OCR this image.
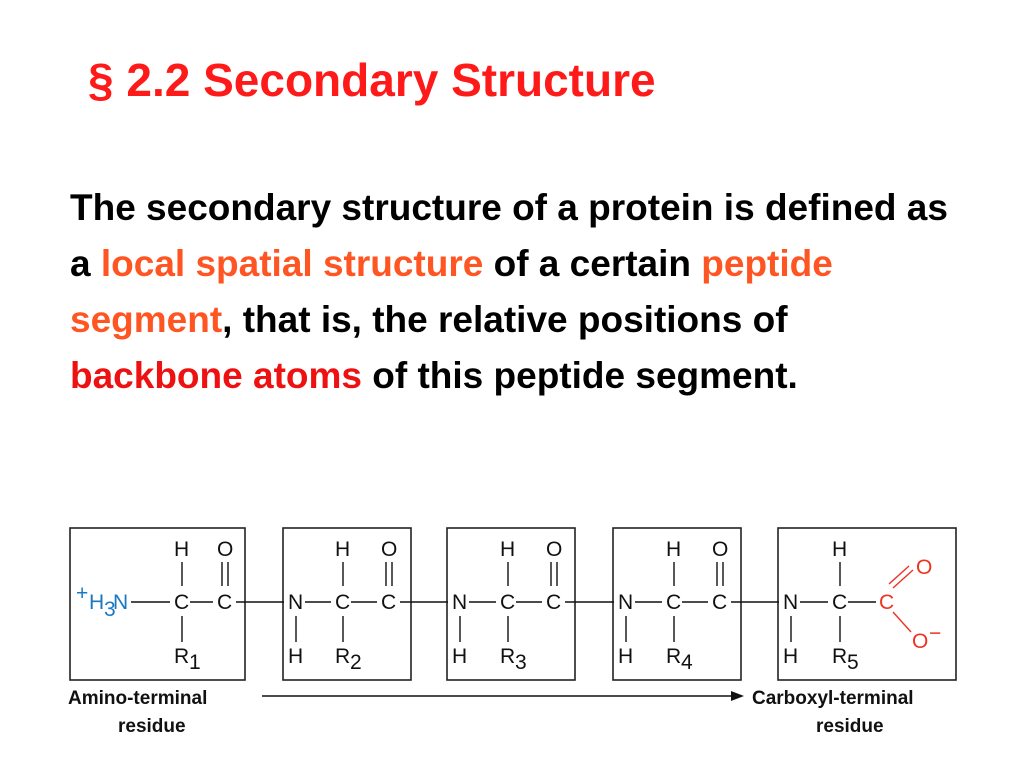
§ 2.2 Secondary Structure
The secondary structure of a protein is defined as a local spatial structure of a certain peptide segment, that is, the relative positions of backbone atoms of this peptide segment.
+ H 3
N
H
C
O
C
R 1
N
H
H
C
O
C
R 2
N
H
H
C
O
C
R 3
N
H
H
C
O
C
R 4
N
H
H
C
R 5
C
O
O −
Amino-terminal
residue
Carboxyl-terminal
residue
